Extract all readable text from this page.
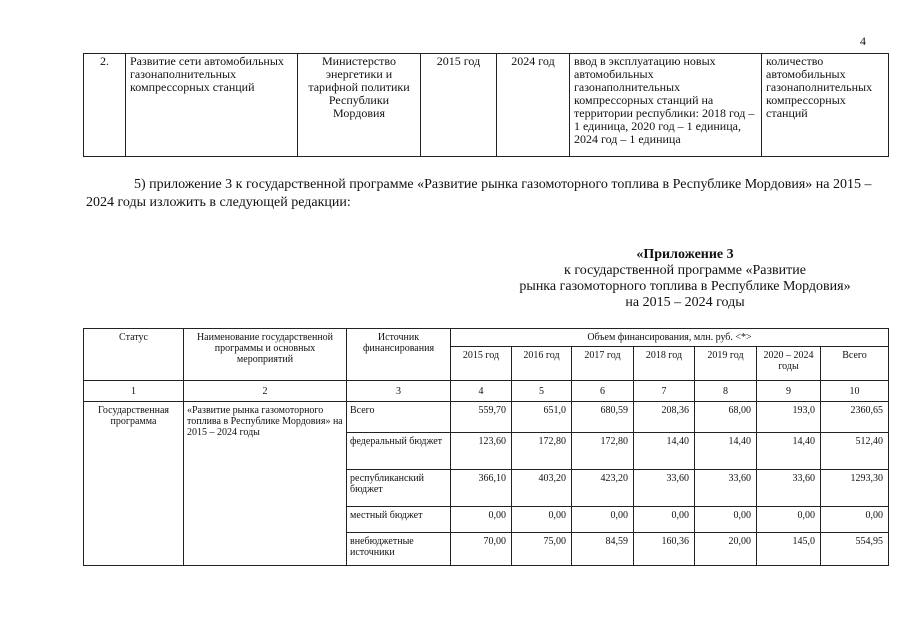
4
2.	Развитие сети автомобильных газонаполнительных компрессорных станций	Министерство энергетики и тарифной политики Республики Мордовия	2015 год	2024 год	ввод в эксплуатацию новых автомобильных газонаполнительных компрессорных станций на территории республики: 2018 год – 1 единица, 2020 год – 1 единица, 2024 год – 1 единица	количество автомобильных газонаполнительных компрессорных станций
5) приложение 3 к государственной программе «Развитие рынка газомоторного топлива в Республике Мордовия» на 2015 – 2024 годы изложить в следующей редакции:
«Приложение 3
к государственной программе «Развитие
рынка газомоторного топлива в Республике Мордовия»
на 2015 – 2024 годы
Статус	Наименование государственной программы и основных мероприятий	Источник финансирования	Объем финансирования, млн. руб. <*>						
			2015 год	2016 год	2017 год	2018 год	2019 год	2020 – 2024 годы	Всего
1	2	3	4	5	6	7	8	9	10
Государственная программа	«Развитие рынка газомоторного топлива в Республике Мордовия» на 2015 – 2024 годы	Всего	559,70	651,0	680,59	208,36	68,00	193,0	2360,65
		федеральный бюджет	123,60	172,80	172,80	14,40	14,40	14,40	512,40
		республиканский бюджет	366,10	403,20	423,20	33,60	33,60	33,60	1293,30
		местный бюджет	0,00	0,00	0,00	0,00	0,00	0,00	0,00
		внебюджетные источники	70,00	75,00	84,59	160,36	20,00	145,0	554,95
